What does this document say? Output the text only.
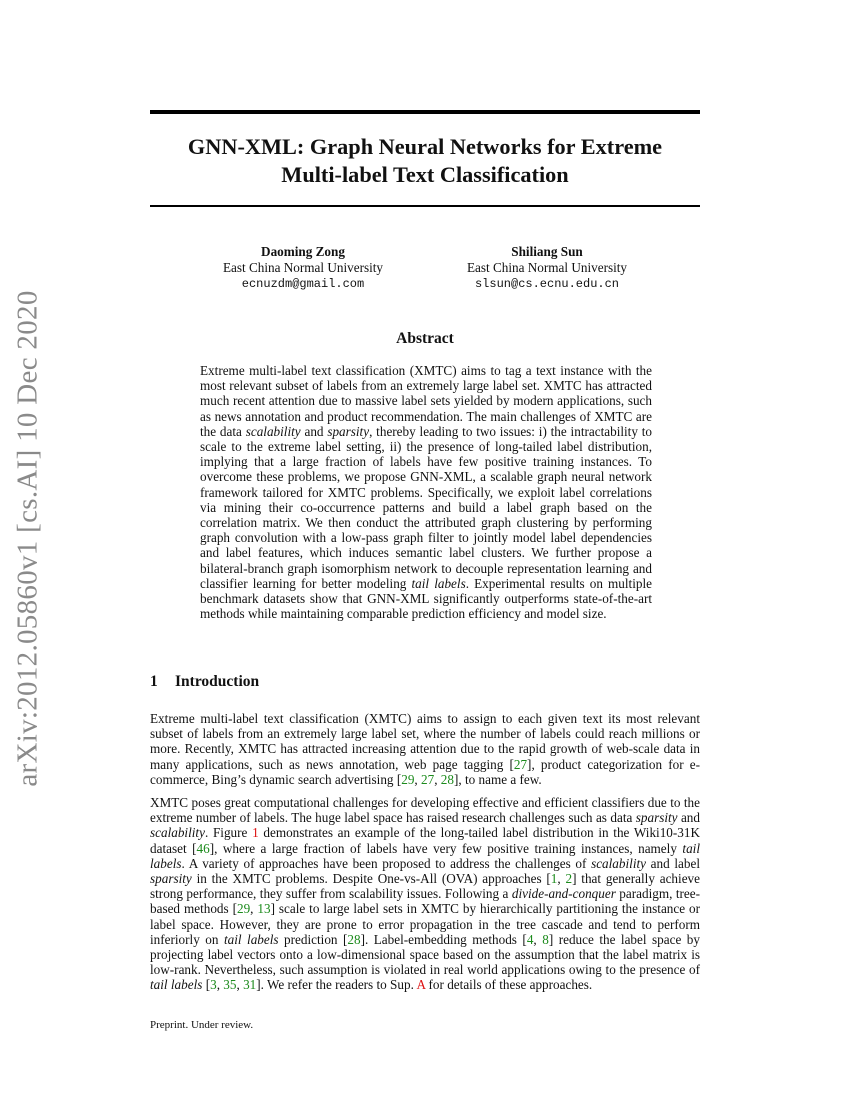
arXiv:2012.05860v1 [cs.AI] 10 Dec 2020
GNN-XML: Graph Neural Networks for Extreme
Multi-label Text Classification
Daoming Zong
East China Normal University
ecnuzdm@gmail.com
Shiliang Sun
East China Normal University
slsun@cs.ecnu.edu.cn
Abstract
Extreme multi-label text classification (XMTC) aims to tag a text instance with the most relevant subset of labels from an extremely large label set. XMTC has attracted much recent attention due to massive label sets yielded by modern applications, such as news annotation and product recommendation. The main challenges of XMTC are the data scalability and sparsity, thereby leading to two issues: i) the intractability to scale to the extreme label setting, ii) the presence of long-tailed label distribution, implying that a large fraction of labels have few positive training instances. To overcome these problems, we propose GNN-XML, a scalable graph neural network framework tailored for XMTC problems. Specifically, we exploit label correlations via mining their co-occurrence patterns and build a label graph based on the correlation matrix. We then conduct the attributed graph clustering by performing graph convolution with a low-pass graph filter to jointly model label dependencies and label features, which induces semantic label clusters. We further propose a bilateral-branch graph isomorphism network to decouple representation learning and classifier learning for better modeling tail labels. Experimental results on multiple benchmark datasets show that GNN-XML significantly outperforms state-of-the-art methods while maintaining comparable prediction efficiency and model size.
1 Introduction
Extreme multi-label text classification (XMTC) aims to assign to each given text its most relevant subset of labels from an extremely large label set, where the number of labels could reach millions or more. Recently, XMTC has attracted increasing attention due to the rapid growth of web-scale data in many applications, such as news annotation, web page tagging [27], product categorization for e-commerce, Bing’s dynamic search advertising [29, 27, 28], to name a few.
XMTC poses great computational challenges for developing effective and efficient classifiers due to the extreme number of labels. The huge label space has raised research challenges such as data sparsity and scalability. Figure 1 demonstrates an example of the long-tailed label distribution in the Wiki10-31K dataset [46], where a large fraction of labels have very few positive training instances, namely tail labels. A variety of approaches have been proposed to address the challenges of scalability and label sparsity in the XMTC problems. Despite One-vs-All (OVA) approaches [1, 2] that generally achieve strong performance, they suffer from scalability issues. Following a divide-and-conquer paradigm, tree-based methods [29, 13] scale to large label sets in XMTC by hierarchically partitioning the instance or label space. However, they are prone to error propagation in the tree cascade and tend to perform inferiorly on tail labels prediction [28]. Label-embedding methods [4, 8] reduce the label space by projecting label vectors onto a low-dimensional space based on the assumption that the label matrix is low-rank. Nevertheless, such assumption is violated in real world applications owing to the presence of tail labels [3, 35, 31]. We refer the readers to Sup. A for details of these approaches.
Preprint. Under review.
